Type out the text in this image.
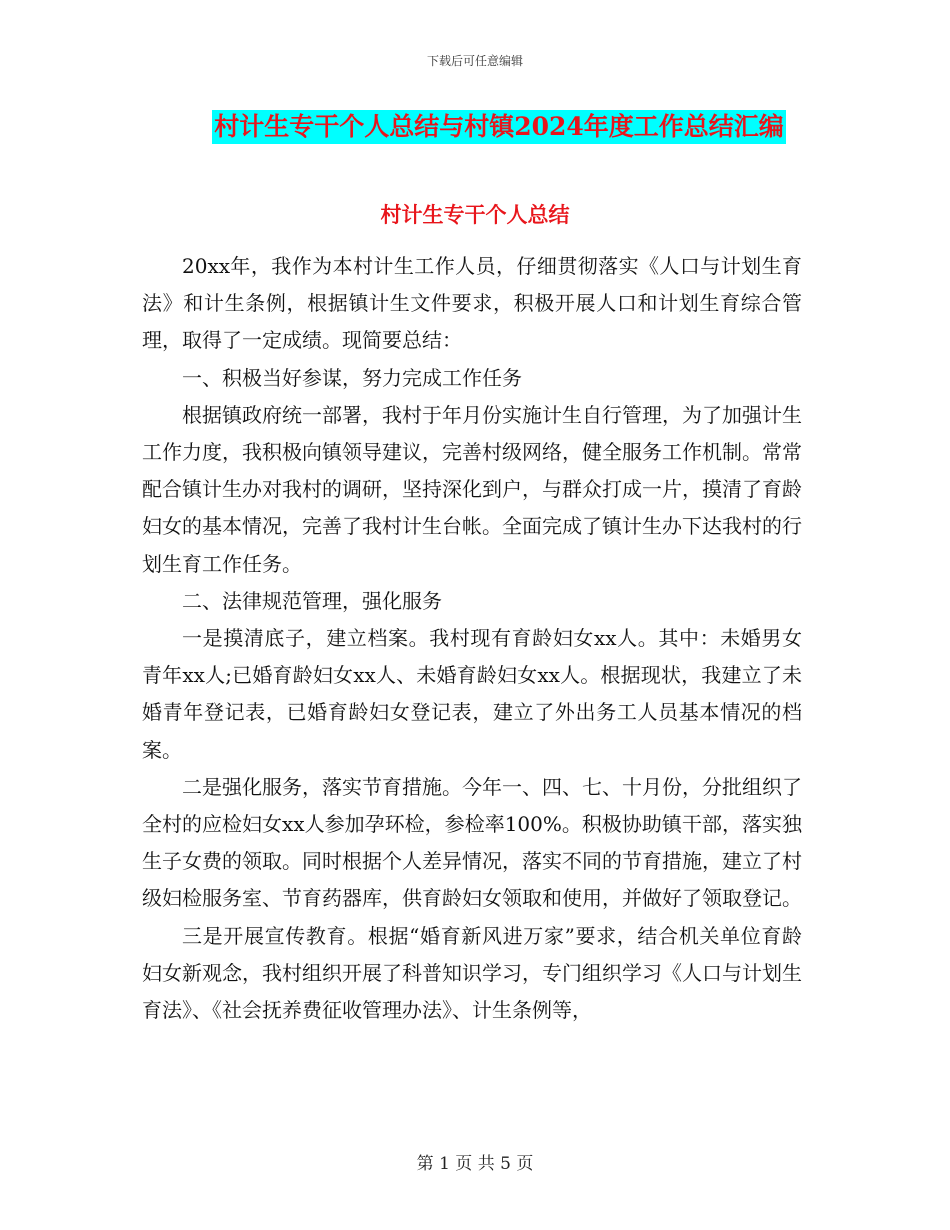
下载后可任意编辑
村计生专干个人总结与村镇2024年度工作总结汇编
村计生专干个人总结

20xx年，我作为本村计生工作人员，仔细贯彻落实《人口与计划生育法》和计生条例，根据镇计生文件要求，积极开展人口和计划生育综合管理，取得了一定成绩。现简要总结：

一、积极当好参谋，努力完成工作任务

根据镇政府统一部署，我村于年月份实施计生自行管理，为了加强计生工作力度，我积极向镇领导建议，完善村级网络，健全服务工作机制。常常配合镇计生办对我村的调研，坚持深化到户，与群众打成一片，摸清了育龄妇女的基本情况，完善了我村计生台帐。全面完成了镇计生办下达我村的行划生育工作任务。

二、法律规范管理，强化服务

一是摸清底子，建立档案。我村现有育龄妇女xx人。其中：未婚男女青年xx人;已婚育龄妇女xx人、未婚育龄妇女xx人。根据现状，我建立了未婚青年登记表，已婚育龄妇女登记表，建立了外出务工人员基本情况的档案。

二是强化服务，落实节育措施。今年一、四、七、十月份，分批组织了全村的应检妇女xx人参加孕环检，参检率100%。积极协助镇干部，落实独生子女费的领取。同时根据个人差异情况，落实不同的节育措施，建立了村级妇检服务室、节育药器库，供育龄妇女领取和使用，并做好了领取登记。

三是开展宣传教育。根据“婚育新风进万家”要求，结合机关单位育龄妇女新观念，我村组织开展了科普知识学习，专门组织学习《人口与计划生育法》、《社会抚养费征收管理办法》、计生条例等，

第 1 页 共 5 页
